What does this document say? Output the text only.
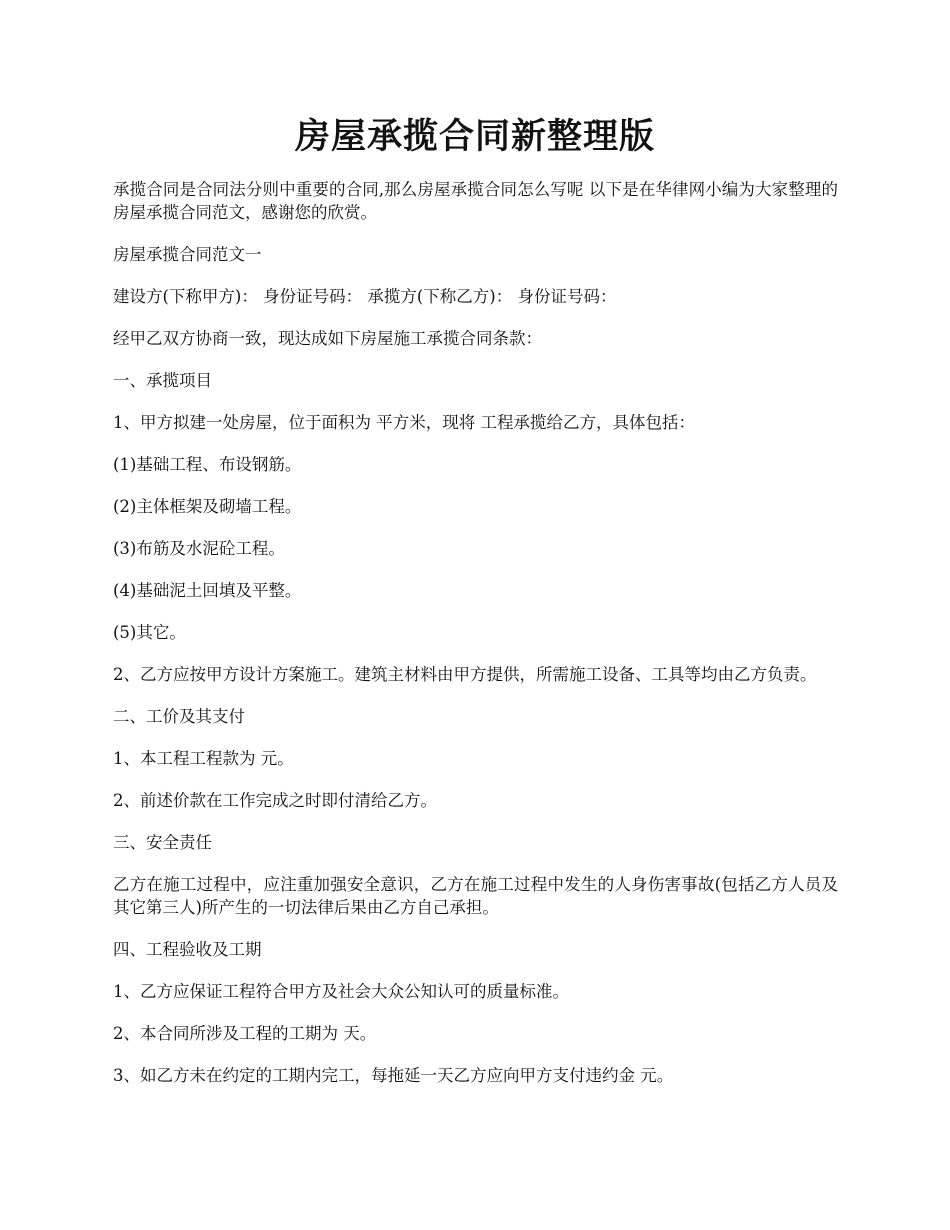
房屋承揽合同新整理版

承揽合同是合同法分则中重要的合同,那么房屋承揽合同怎么写呢 以下是在华律网小编为大家整理的房屋承揽合同范文，感谢您的欣赏。

房屋承揽合同范文一

建设方(下称甲方)： 身份证号码： 承揽方(下称乙方)： 身份证号码：

经甲乙双方协商一致，现达成如下房屋施工承揽合同条款：

一、承揽项目

1、甲方拟建一处房屋，位于面积为 平方米，现将 工程承揽给乙方，具体包括：

(1)基础工程、布设钢筋。

(2)主体框架及砌墙工程。

(3)布筋及水泥砼工程。

(4)基础泥土回填及平整。

(5)其它。

2、乙方应按甲方设计方案施工。建筑主材料由甲方提供，所需施工设备、工具等均由乙方负责。

二、工价及其支付

1、本工程工程款为 元。

2、前述价款在工作完成之时即付清给乙方。

三、安全责任

乙方在施工过程中，应注重加强安全意识，乙方在施工过程中发生的人身伤害事故(包括乙方人员及其它第三人)所产生的一切法律后果由乙方自己承担。

四、工程验收及工期

1、乙方应保证工程符合甲方及社会大众公知认可的质量标准。

2、本合同所涉及工程的工期为 天。

3、如乙方未在约定的工期内完工，每拖延一天乙方应向甲方支付违约金 元。
